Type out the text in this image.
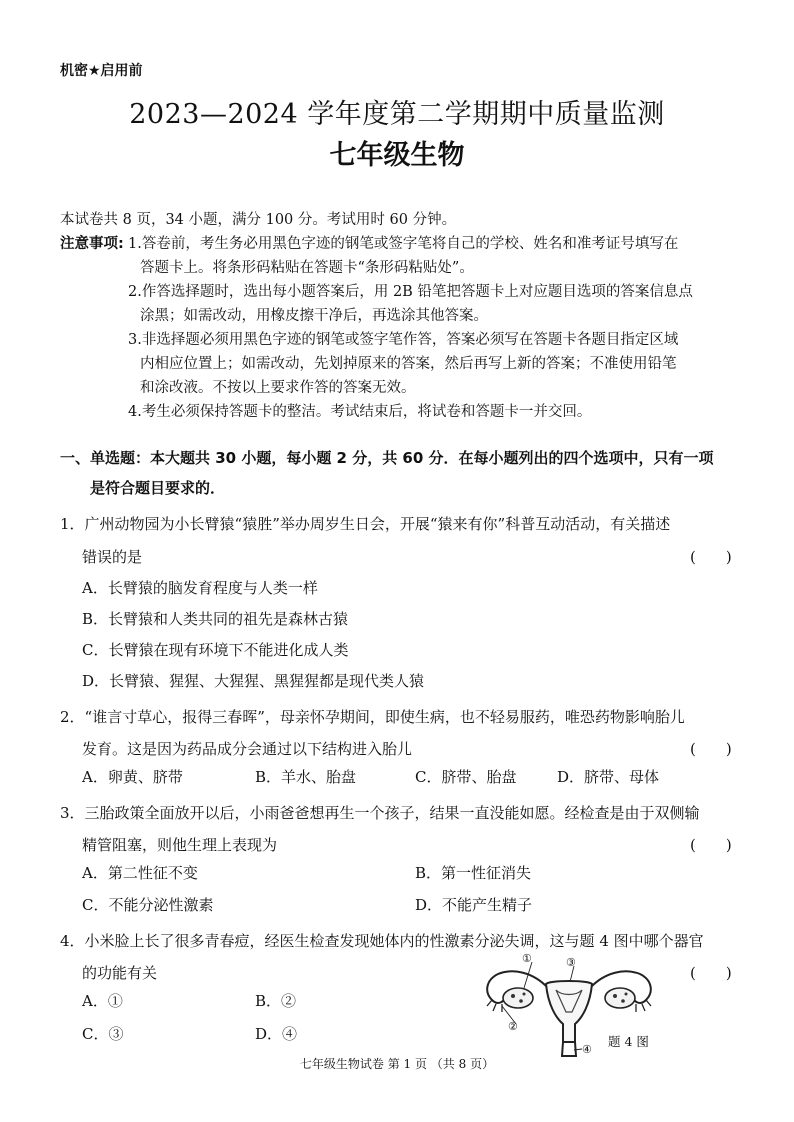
机密★启用前
2023—2024 学年度第二学期期中质量监测
七年级生物
本试卷共 8 页，34 小题，满分 100 分。考试用时 60 分钟。
注意事项: 1.答卷前，考生务必用黑色字迹的钢笔或签字笔将自己的学校、姓名和准考证号填写在
答题卡上。将条形码粘贴在答题卡“条形码粘贴处”。
2.作答选择题时，选出每小题答案后，用 2B 铅笔把答题卡上对应题目选项的答案信息点
涂黑；如需改动，用橡皮擦干净后，再选涂其他答案。
3.非选择题必须用黑色字迹的钢笔或签字笔作答，答案必须写在答题卡各题目指定区域
内相应位置上；如需改动，先划掉原来的答案，然后再写上新的答案；不准使用铅笔
和涂改液。不按以上要求作答的答案无效。
4.考生必须保持答题卡的整洁。考试结束后，将试卷和答题卡一并交回。
一、单选题：本大题共 30 小题，每小题 2 分，共 60 分．在每小题列出的四个选项中，只有一项
是符合题目要求的．
1．广州动物园为小长臂猿“猿胜”举办周岁生日会，开展“猿来有你”科普互动活动，有关描述
错误的是	(　　)
A．长臂猿的脑发育程度与人类一样
B．长臂猿和人类共同的祖先是森林古猿
C．长臂猿在现有环境下不能进化成人类
D．长臂猿、猩猩、大猩猩、黑猩猩都是现代类人猿
2．“谁言寸草心，报得三春晖”，母亲怀孕期间，即使生病，也不轻易服药，唯恐药物影响胎儿
发育。这是因为药品成分会通过以下结构进入胎儿	(　　)
A．卵黄、脐带	B．羊水、胎盘	C．脐带、胎盘	D．脐带、母体
3．三胎政策全面放开以后，小雨爸爸想再生一个孩子，结果一直没能如愿。经检查是由于双侧输
精管阻塞，则他生理上表现为	(　　)
A．第二性征不变	B．第一性征消失
C．不能分泌性激素	D．不能产生精子
4．小米脸上长了很多青春痘，经医生检查发现她体内的性激素分泌失调，这与题 4 图中哪个器官
的功能有关	(　　)
A．①	B．②
C．③	D．④
①	③
②
④
题 4 图
七年级生物试卷 第 1 页 （共 8 页）
